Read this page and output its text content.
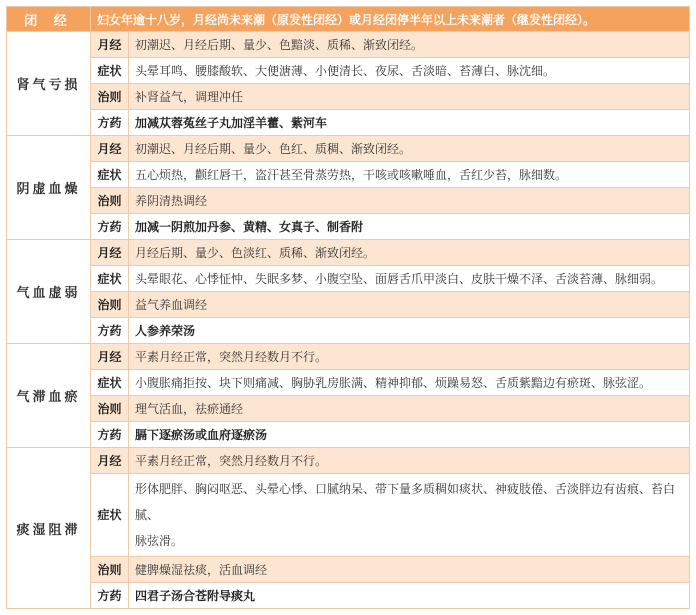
闭 经	妇女年逾十八岁，月经尚未来潮（原发性闭经）或月经闭停半年以上未来潮者（继发性闭经）。	
肾气亏损	月经	初潮迟、月经后期、量少、色黯淡、质稀、渐致闭经。
	症状	头晕耳鸣、腰膝酸软、大便溏薄、小便清长、夜尿、舌淡暗、苔薄白、脉沈细。
	治则	补肾益气，调理冲任
	方药	加减苁蓉菟丝子丸加淫羊藿、紫河车
阴虚血燥	月经	初潮迟、月经后期、量少、色红、质稠、渐致闭经。
	症状	五心烦热，颧红唇干，盗汗甚至骨蒸劳热，干咳或咳嗽唾血，舌红少苔，脉细数。
	治则	养阴清热调经
	方药	加减一阴煎加丹参、黄精、女真子、制香附
气血虚弱	月经	月经后期、量少、色淡红、质稀、渐致闭经。
	症状	头晕眼花、心悸怔忡、失眠多梦、小腹空坠、面唇舌爪甲淡白、皮肤干燥不泽、舌淡苔薄、脉细弱。
	治则	益气养血调经
	方药	人参养荣汤
气滞血瘀	月经	平素月经正常，突然月经数月不行。
	症状	小腹胀痛拒按、块下则痛减、胸胁乳房胀满、精神抑郁、烦躁易怒、舌质紫黯边有瘀斑、脉弦涩。
	治则	理气活血，祛瘀通经
	方药	膈下逐瘀汤或血府逐瘀汤
痰湿阻滞	月经	平素月经正常，突然月经数月不行。
	症状	形体肥胖、胸闷呕恶、头晕心悸、口腻纳呆、带下量多质稠如痰状、神疲肢倦、舌淡胖边有齿痕、苔白
腻、
脉弦滑。

	治则	健脾燥湿祛痰，活血调经
	方药	四君子汤合苍附导痰丸
